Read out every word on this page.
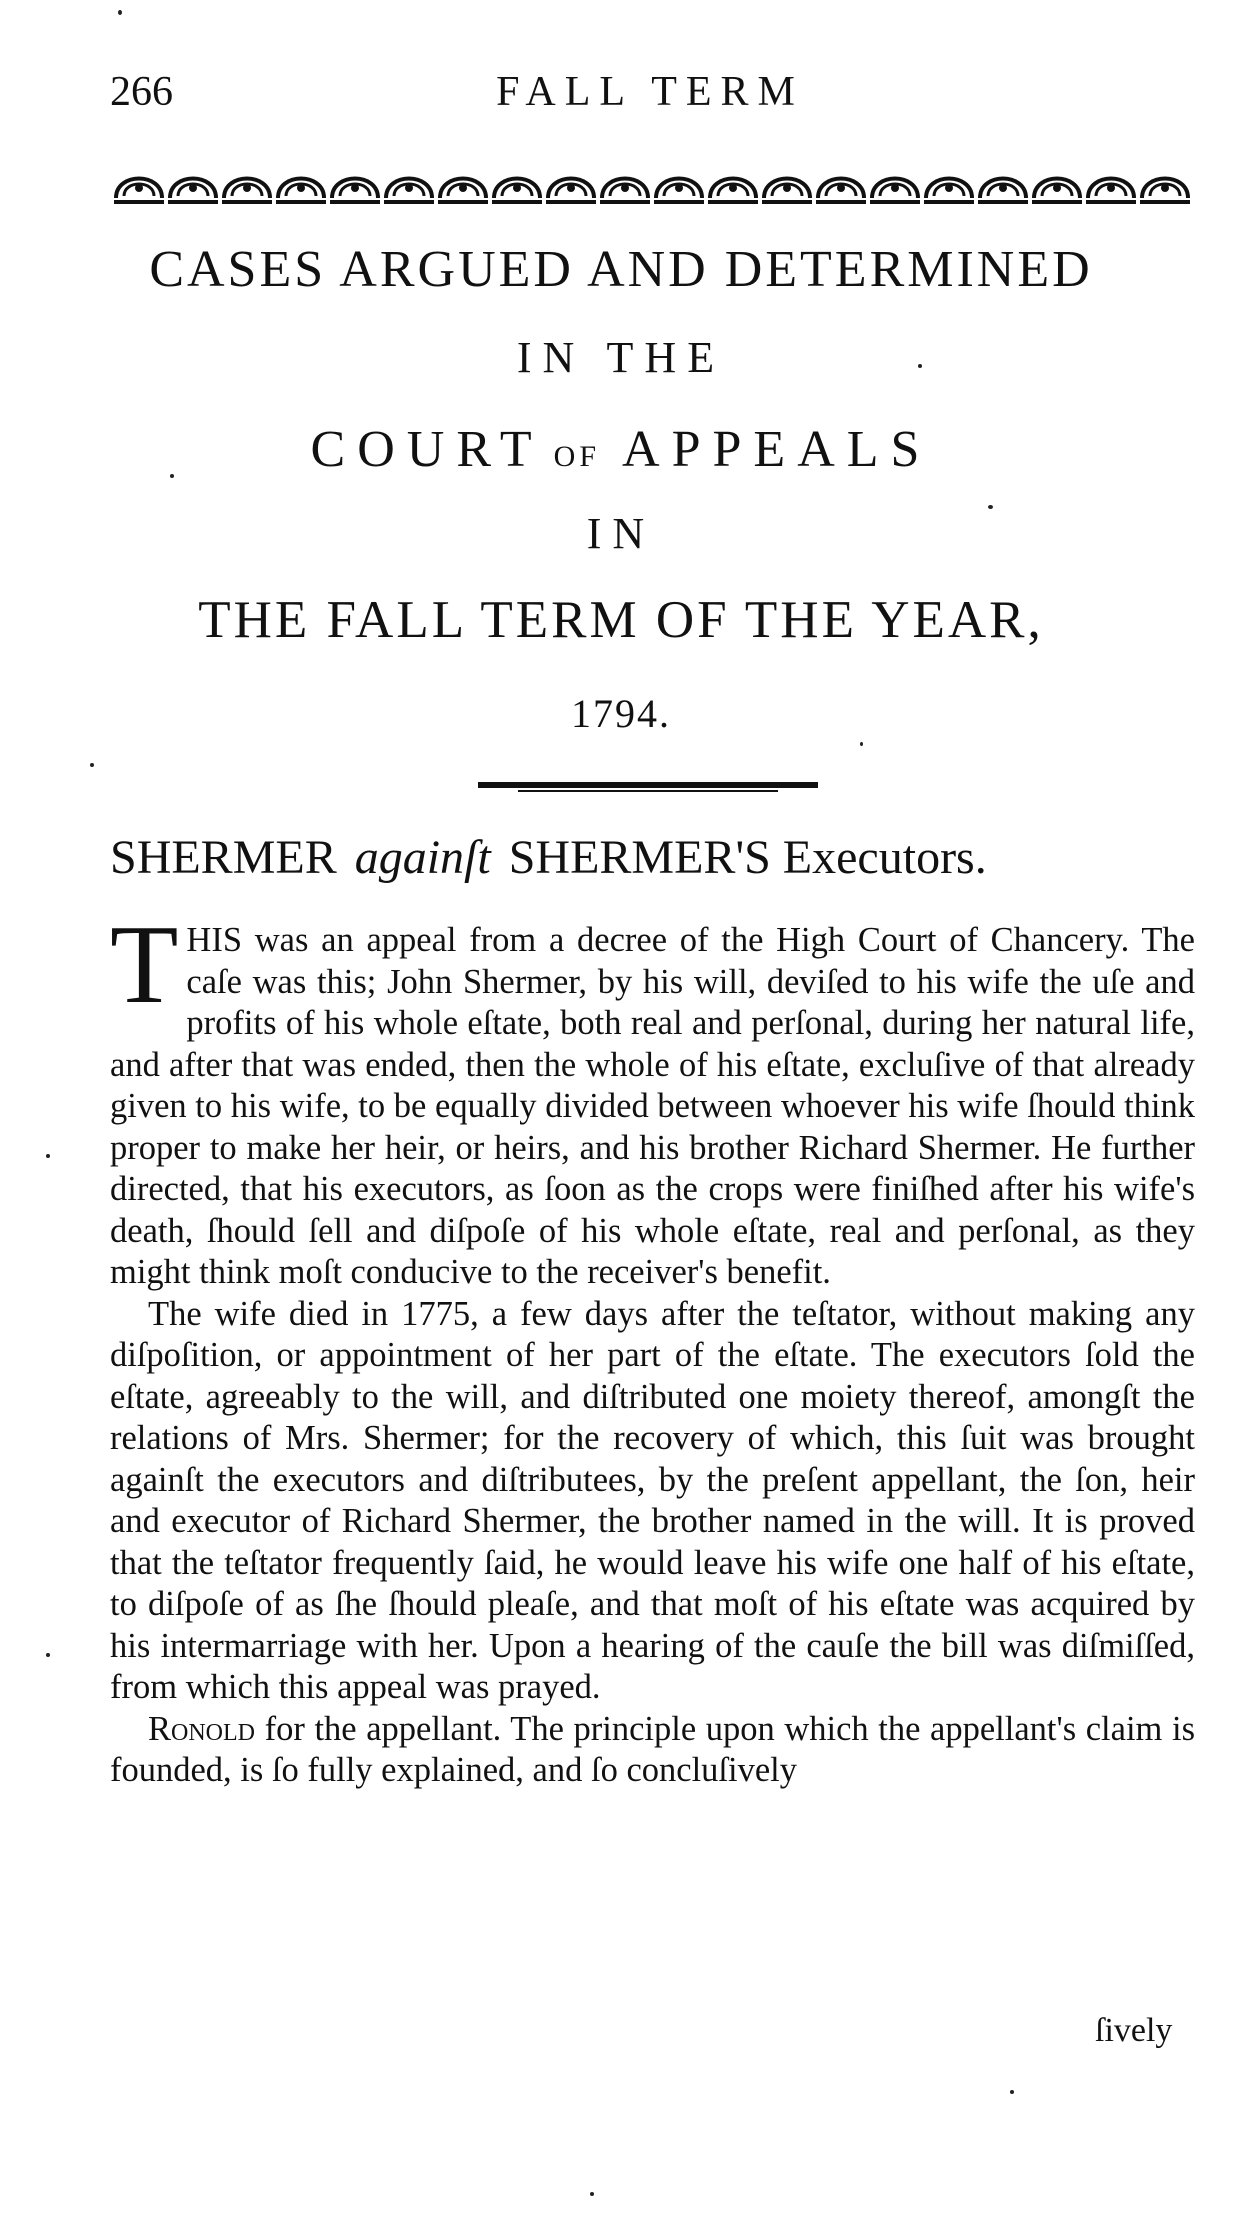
266	FALL TERM
CASES ARGUED AND DETERMINED
IN THE
COURT OF APPEALS
IN
THE FALL TERM OF THE YEAR,
1794.
SHERMER againſt SHERMER'S Executors.

THIS was an appeal from a decree of the High Court of Chancery. The caſe was this; John Shermer, by his will, deviſed to his wife the uſe and profits of his whole eſtate, both real and perſonal, during her natural life, and after that was ended, then the whole of his eſtate, excluſive of that already given to his wife, to be equally divided between whoever his wife ſhould think proper to make her heir, or heirs, and his brother Richard Shermer. He further directed, that his executors, as ſoon as the crops were finiſhed after his wife's death, ſhould ſell and diſpoſe of his whole eſtate, real and perſonal, as they might think moſt conducive to the receiver's benefit.

The wife died in 1775, a few days after the teſtator, without making any diſpoſition, or appointment of her part of the eſtate. The executors ſold the eſtate, agreeably to the will, and diſtributed one moiety thereof, amongſt the relations of Mrs. Shermer; for the recovery of which, this ſuit was brought againſt the executors and diſtributees, by the preſent appellant, the ſon, heir and executor of Richard Shermer, the brother named in the will. It is proved that the teſtator frequently ſaid, he would leave his wife one half of his eſtate, to diſpoſe of as ſhe ſhould pleaſe, and that moſt of his eſtate was acquired by his intermarriage with her. Upon a hearing of the cauſe the bill was diſmiſſed, from which this appeal was prayed.

Ronold for the appellant. The principle upon which the appellant's claim is founded, is ſo fully explained, and ſo concluſively

ſively
